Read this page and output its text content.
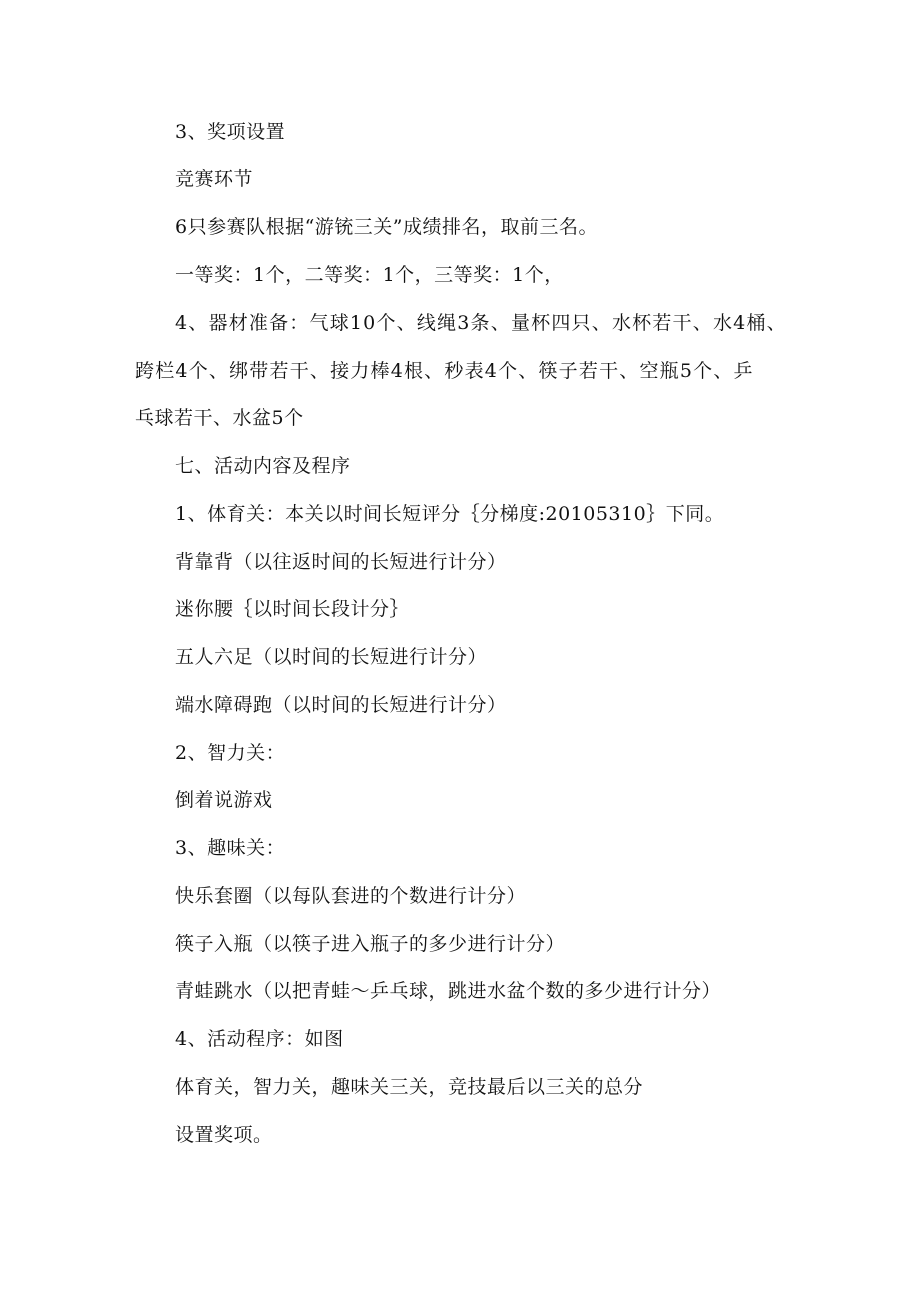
3、奖项设置
竞赛环节
6只参赛队根据“游铳三关”成绩排名，取前三名。
一等奖：1个，二等奖：1个，三等奖：1个，
4、器材准备：气球10个、线绳3条、量杯四只、水杯若干、水4桶、
跨栏4个、绑带若干、接力棒4根、秒表4个、筷子若干、空瓶5个、乒
乓球若干、水盆5个
七、活动内容及程序
1、体育关：本关以时间长短评分｛分梯度:20105310｝下同。
背靠背（以往返时间的长短进行计分）
迷你腰｛以时间长段计分｝
五人六足（以时间的长短进行计分）
端水障碍跑（以时间的长短进行计分）
2、智力关：
倒着说游戏
3、趣味关：
快乐套圈（以每队套进的个数进行计分）
筷子入瓶（以筷子进入瓶子的多少进行计分）
青蛙跳水（以把青蛙～乒乓球，跳进水盆个数的多少进行计分）
4、活动程序：如图
体育关，智力关，趣味关三关，竞技最后以三关的总分
设置奖项。
